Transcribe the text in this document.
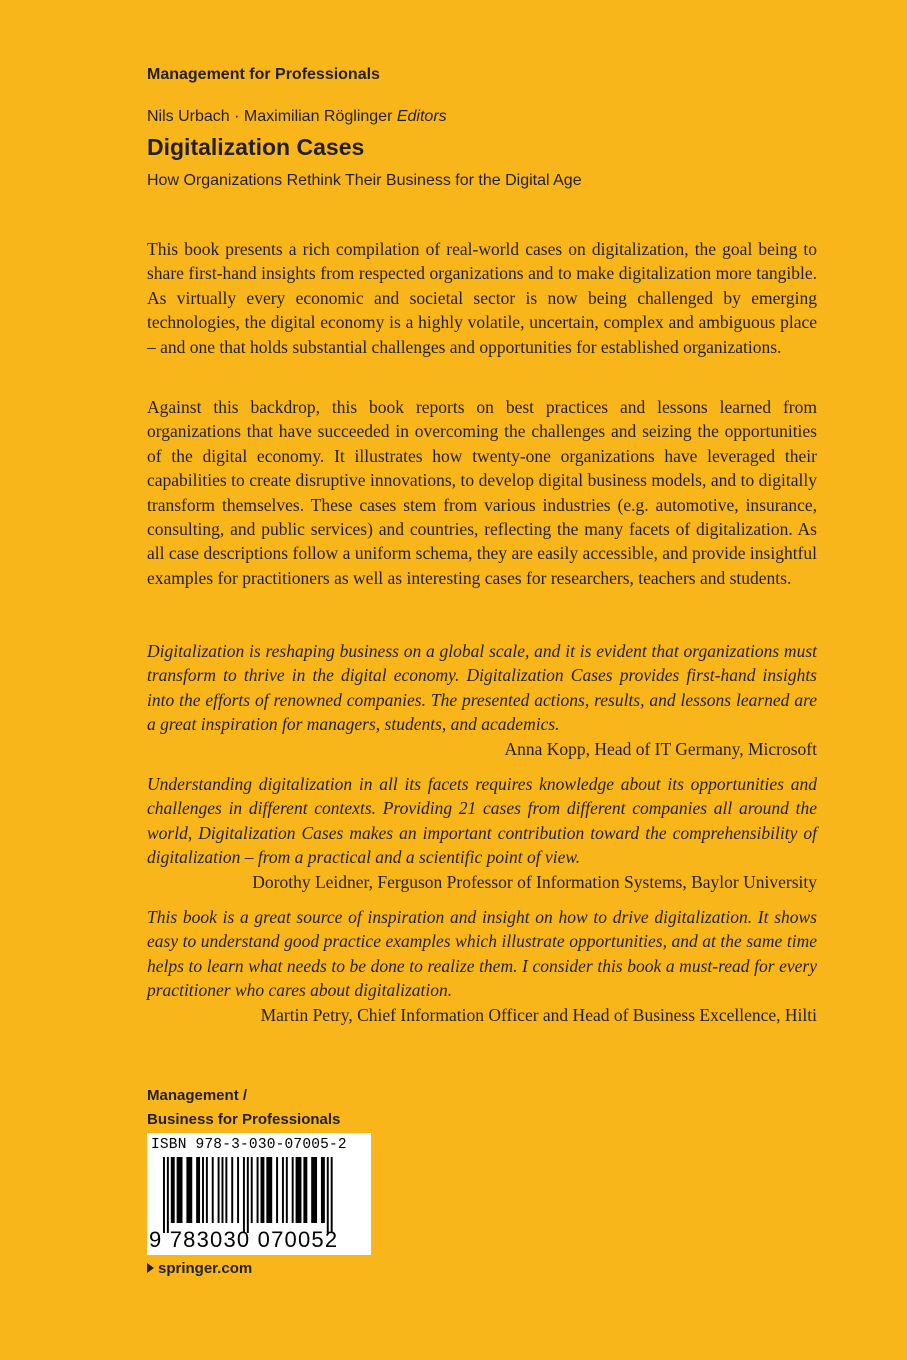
Management for Professionals
Nils Urbach · Maximilian Röglinger Editors
Digitalization Cases
How Organizations Rethink Their Business for the Digital Age

This book presents a rich compilation of real-world cases on digitalization, the goal being to share first-hand insights from respected organizations and to make digitalization more tangible. As virtually every economic and societal sector is now being challenged by emerging technologies, the digital economy is a highly volatile, uncertain, complex and ambiguous place – and one that holds substantial challenges and opportunities for established organizations.

Against this backdrop, this book reports on best practices and lessons learned from organizations that have succeeded in overcoming the challenges and seizing the opportunities of the digital economy. It illustrates how twenty-one organizations have leveraged their capabilities to create disruptive innovations, to develop digital business models, and to digitally transform themselves. These cases stem from various industries (e.g. automotive, insurance, consulting, and public services) and countries, reflecting the many facets of digitalization. As all case descriptions follow a uniform schema, they are easily accessible, and provide insightful examples for practitioners as well as interesting cases for researchers, teachers and students.

Digitalization is reshaping business on a global scale, and it is evident that organizations must transform to thrive in the digital economy. Digitalization Cases provides first-hand insights into the efforts of renowned companies. The presented actions, results, and lessons learned are a great inspiration for managers, students, and academics.
Anna Kopp, Head of IT Germany, Microsoft
Understanding digitalization in all its facets requires knowledge about its opportunities and challenges in different contexts. Providing 21 cases from different companies all around the world, Digitalization Cases makes an important contribution toward the comprehensibility of digitalization – from a practical and a scientific point of view.
Dorothy Leidner, Ferguson Professor of Information Systems, Baylor University
This book is a great source of inspiration and insight on how to drive digitalization. It shows easy to understand good practice examples which illustrate opportunities, and at the same time helps to learn what needs to be done to realize them. I consider this book a must-read for every practitioner who cares about digitalization.
Martin Petry, Chief Information Officer and Head of Business Excellence, Hilti
Management /
Business for Professionals
ISBN 978-3-030-07005-2
9 783030 070052
springer.com
